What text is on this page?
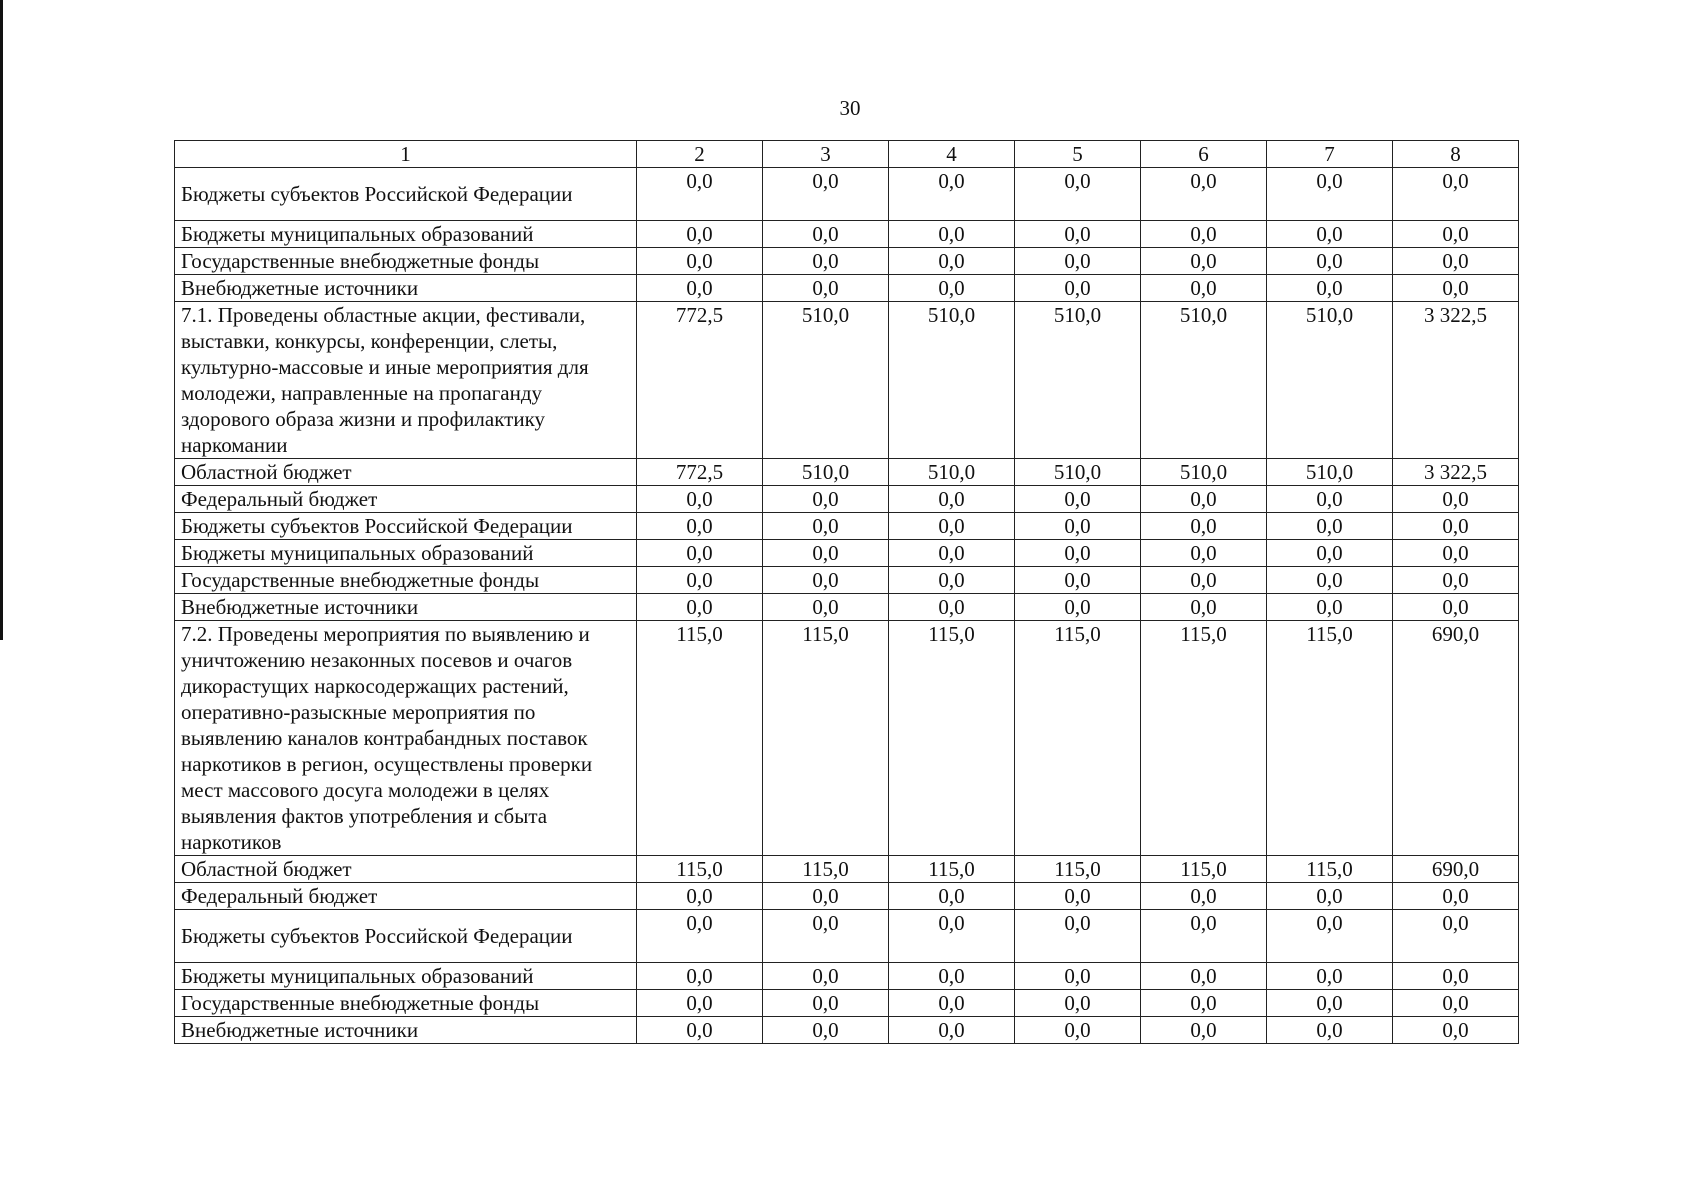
30
1	2	3	4	5	6	7	8
Бюджеты субъектов Российской Федерации	0,0	0,0	0,0	0,0	0,0	0,0	0,0
Бюджеты муниципальных образований	0,0	0,0	0,0	0,0	0,0	0,0	0,0
Государственные внебюджетные фонды	0,0	0,0	0,0	0,0	0,0	0,0	0,0
Внебюджетные источники	0,0	0,0	0,0	0,0	0,0	0,0	0,0
7.1. Проведены областные акции, фестивали, выставки, конкурсы, конференции, слеты, культурно-массовые и иные мероприятия для молодежи, направленные на пропаганду здорового образа жизни и профилактику наркомании	772,5	510,0	510,0	510,0	510,0	510,0	3 322,5
Областной бюджет	772,5	510,0	510,0	510,0	510,0	510,0	3 322,5
Федеральный бюджет	0,0	0,0	0,0	0,0	0,0	0,0	0,0
Бюджеты субъектов Российской Федерации	0,0	0,0	0,0	0,0	0,0	0,0	0,0
Бюджеты муниципальных образований	0,0	0,0	0,0	0,0	0,0	0,0	0,0
Государственные внебюджетные фонды	0,0	0,0	0,0	0,0	0,0	0,0	0,0
Внебюджетные источники	0,0	0,0	0,0	0,0	0,0	0,0	0,0
7.2. Проведены мероприятия по выявлению и уничтожению незаконных посевов и очагов дикорастущих наркосодержащих растений, оперативно-разыскные мероприятия по выявлению каналов контрабандных поставок наркотиков в регион, осуществлены проверки мест массового досуга молодежи в целях выявления фактов употребления и сбыта наркотиков	115,0	115,0	115,0	115,0	115,0	115,0	690,0
Областной бюджет	115,0	115,0	115,0	115,0	115,0	115,0	690,0
Федеральный бюджет	0,0	0,0	0,0	0,0	0,0	0,0	0,0
Бюджеты субъектов Российской Федерации	0,0	0,0	0,0	0,0	0,0	0,0	0,0
Бюджеты муниципальных образований	0,0	0,0	0,0	0,0	0,0	0,0	0,0
Государственные внебюджетные фонды	0,0	0,0	0,0	0,0	0,0	0,0	0,0
Внебюджетные источники	0,0	0,0	0,0	0,0	0,0	0,0	0,0
